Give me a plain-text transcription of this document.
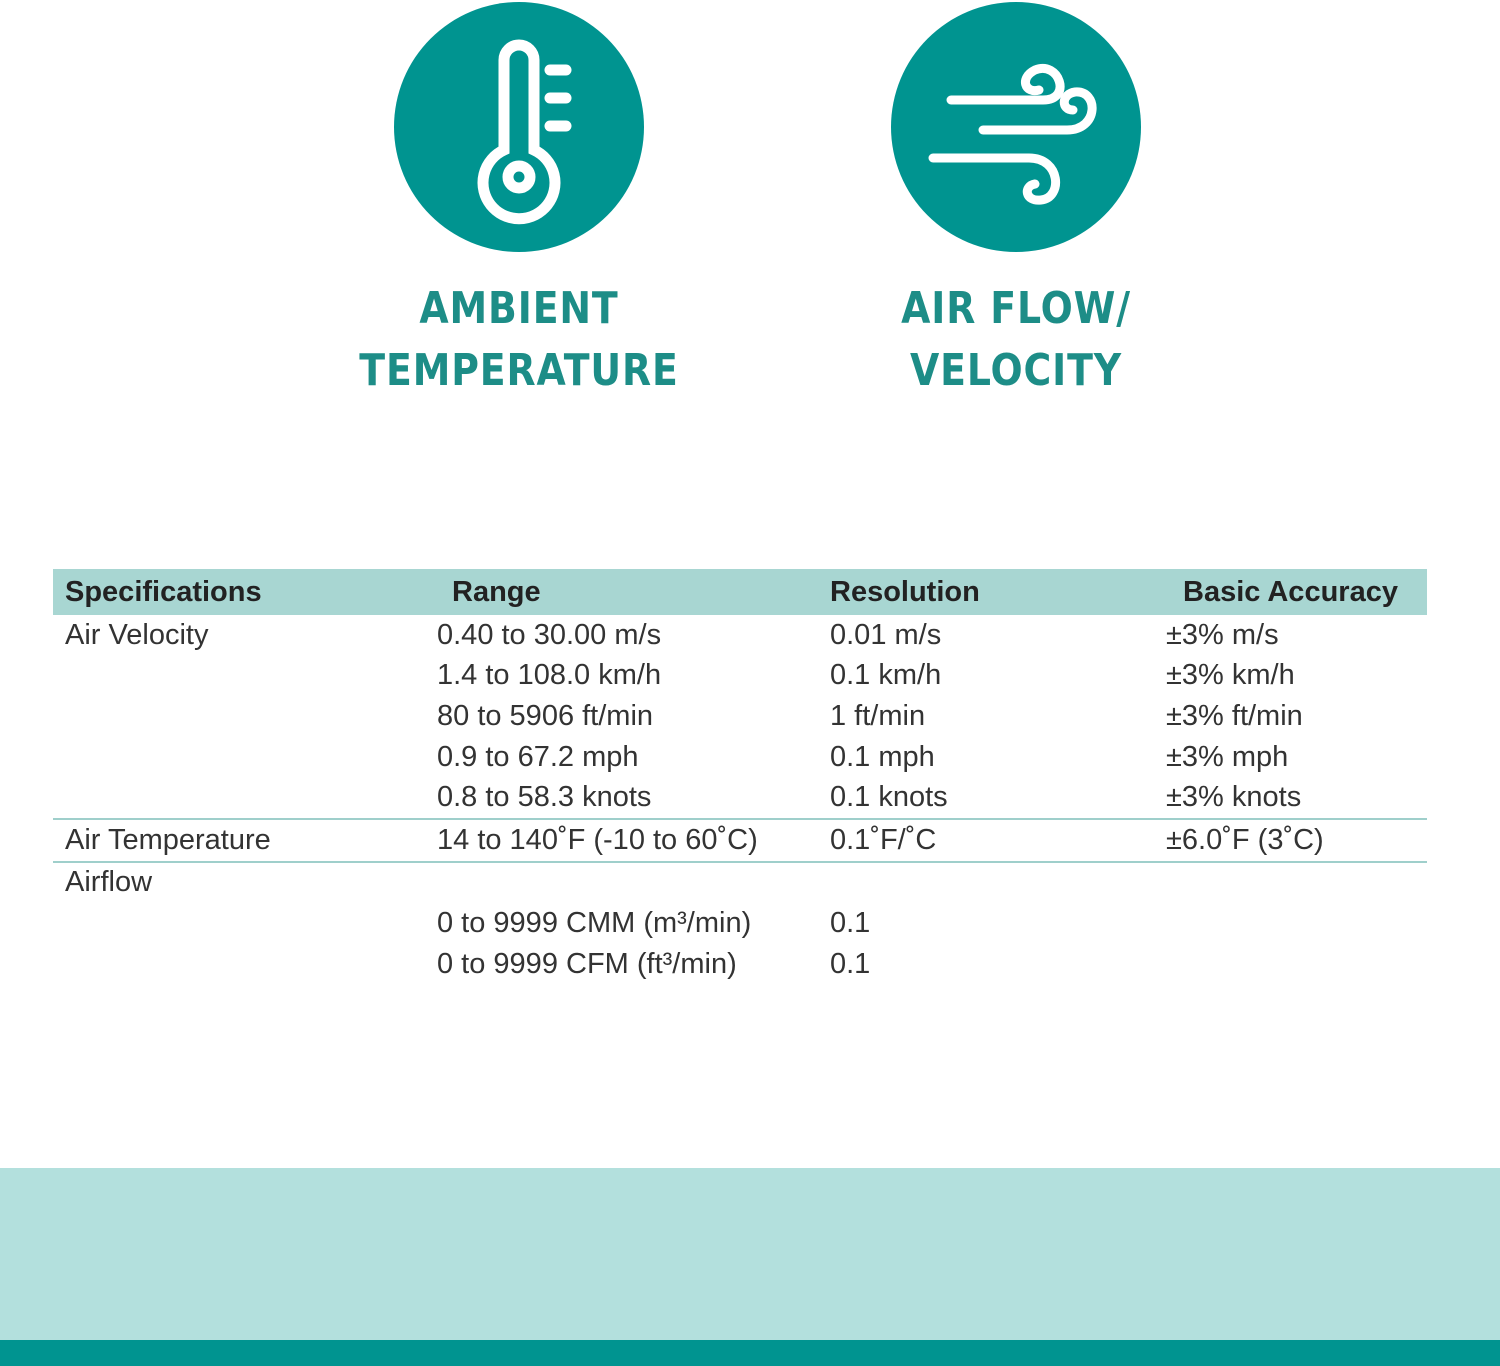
AMBIENT
TEMPERATURE
AIR FLOW/
VELOCITY
Specifications	Range	Resolution	Basic Accuracy
Air Velocity	0.40 to 30.00 m/s	0.01 m/s	±3% m/s
	1.4 to 108.0 km/h	0.1 km/h	±3% km/h
	80 to 5906 ft/min	1 ft/min	±3% ft/min
	0.9 to 67.2 mph	0.1 mph	±3% mph
	0.8 to 58.3 knots	0.1 knots	±3% knots
Air Temperature	14 to 140˚F (-10 to 60˚C)	0.1˚F/˚C	±6.0˚F (3˚C)
Airflow			
	0 to 9999 CMM (m³/min)	0.1	
	0 to 9999 CFM (ft³/min)	0.1	
